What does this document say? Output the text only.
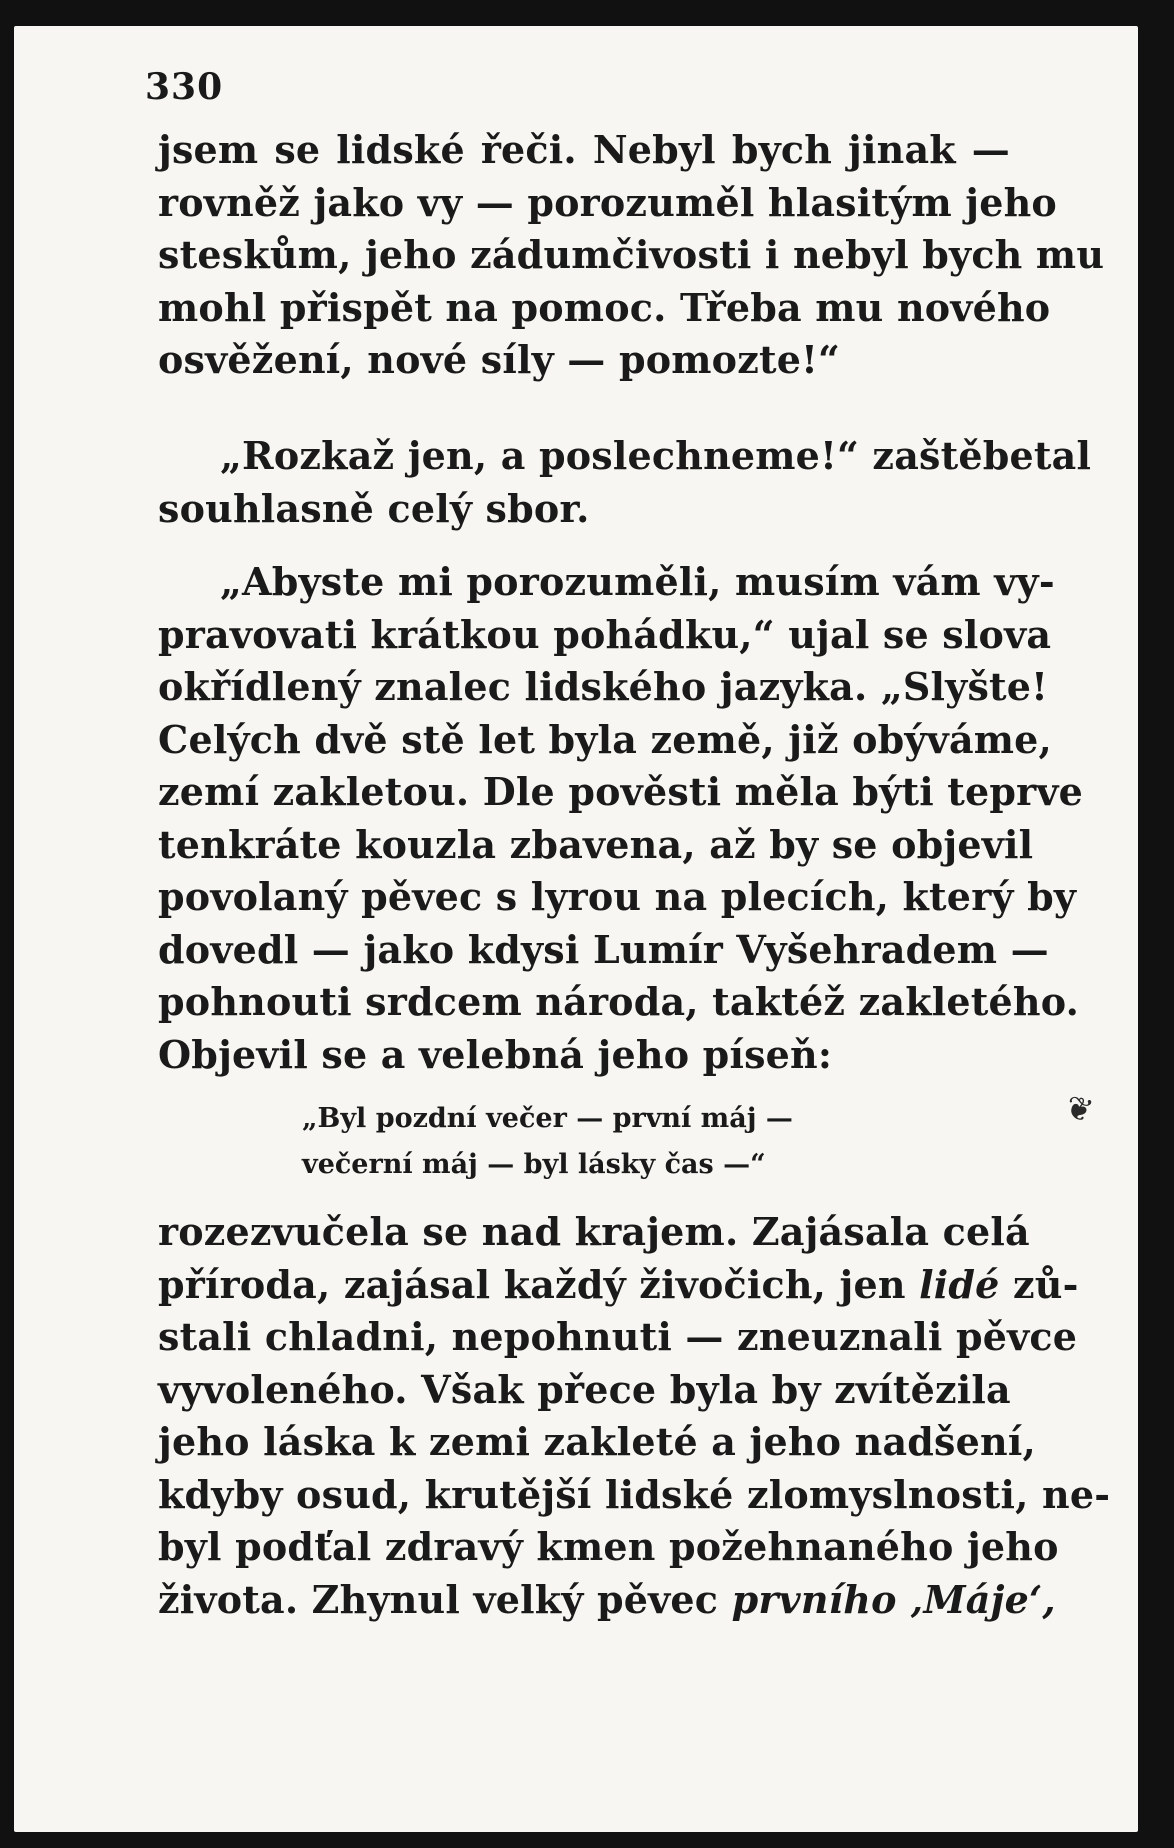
330
jsem se lidské řeči. Nebyl bych jinak —
rovněž jako vy — porozuměl hlasitým jeho
steskům, jeho zádumčivosti i nebyl bych mu
mohl přispět na pomoc. Třeba mu nového
osvěžení, nové síly — pomozte!“
„Rozkaž jen, a poslechneme!“ zaštěbetal
souhlasně celý sbor.
„Abyste mi porozuměli, musím vám vy-
pravovati krátkou pohádku,“ ujal se slova
okřídlený znalec lidského jazyka. „Slyšte!
Celých dvě stě let byla země, již obýváme,
zemí zakletou. Dle pověsti měla býti teprve
tenkráte kouzla zbavena, až by se objevil
povolaný pěvec s lyrou na plecích, který by
dovedl — jako kdysi Lumír Vyšehradem —
pohnouti srdcem národa, taktéž zakletého.
Objevil se a velebná jeho píseň:
„Byl pozdní večer — první máj —
večerní máj — byl lásky čas —“
❦
rozezvučela se nad krajem. Zajásala celá
příroda, zajásal každý živočich, jen lidé zů-
stali chladni, nepohnuti — zneuznali pěvce
vyvoleného. Však přece byla by zvítězila
jeho láska k zemi zakleté a jeho nadšení,
kdyby osud, krutější lidské zlomyslnosti, ne-
byl podťal zdravý kmen požehnaného jeho
života. Zhynul velký pěvec prvního ‚Máje‘,
